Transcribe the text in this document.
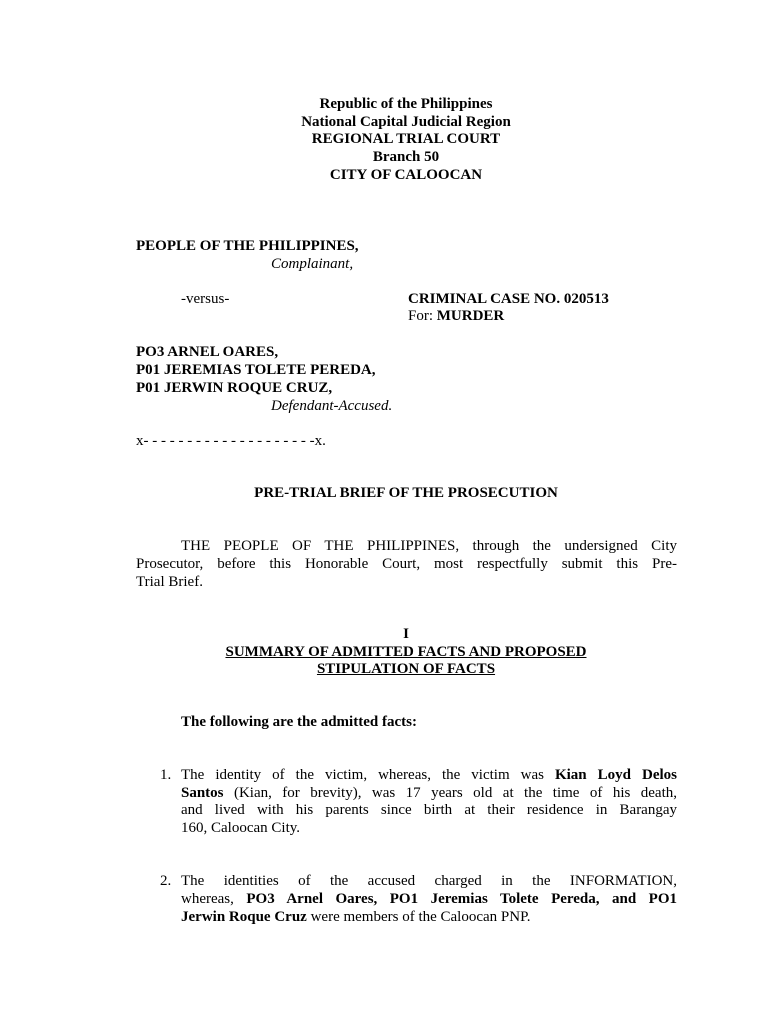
Republic of the Philippines
National Capital Judicial Region
REGIONAL TRIAL COURT
Branch 50
CITY OF CALOOCAN
PEOPLE OF THE PHILIPPINES,
Complainant,
-versus-	CRIMINAL CASE NO. 020513
For: MURDER
PO3 ARNEL OARES,
P01 JEREMIAS TOLETE PEREDA,
P01 JERWIN ROQUE CRUZ,
Defendant-Accused.
x- - - - - - - - - - - - - - - - - - - -x.
PRE-TRIAL BRIEF OF THE PROSECUTION
THE PEOPLE OF THE PHILIPPINES, through the undersigned City
Prosecutor, before this Honorable Court, most respectfully submit this Pre-
Trial Brief.
I
SUMMARY OF ADMITTED FACTS AND PROPOSED
STIPULATION OF FACTS
The following are the admitted facts:
1. The identity of the victim, whereas, the victim was Kian Loyd Delos
Santos (Kian, for brevity), was 17 years old at the time of his death,
and lived with his parents since birth at their residence in Barangay
160, Caloocan City.
2. The identities of the accused charged in the INFORMATION,
whereas, PO3 Arnel Oares, PO1 Jeremias Tolete Pereda, and PO1
Jerwin Roque Cruz were members of the Caloocan PNP.
